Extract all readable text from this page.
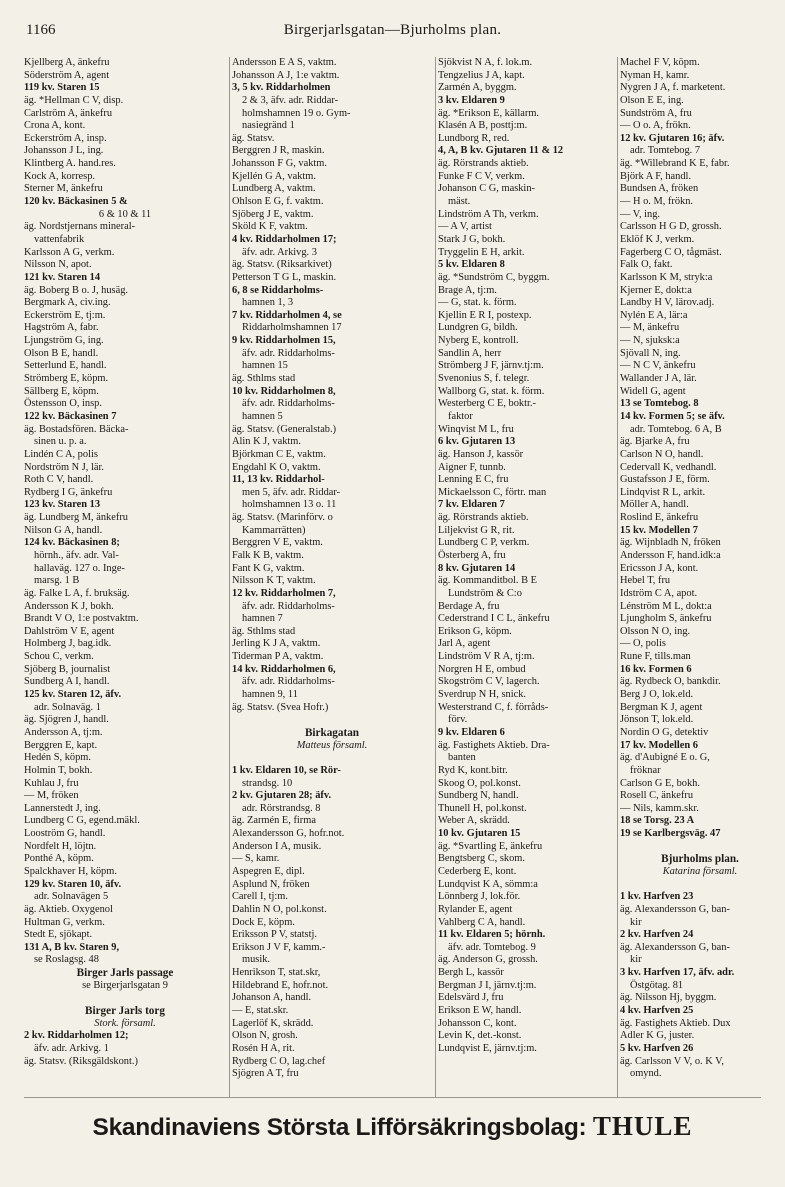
1166	Birgerjarlsgatan—Bjurholms plan.
Kjellberg A, änkefru
Söderström A, agent
119 kv. Staren 15
äg. *Hellman C V, disp.
Carlström A, änkefru
Crona A, kont.
Eckerström A, insp.
Johansson J L, ing.
Klintberg A. hand.res.
Kock A, korresp.
Sterner M, änkefru
120 kv. Bäckasinen 5 &
6 & 10 & 11
äg. Nordstjernans mineral-
vattenfabrik
Karlsson A G, verkm.
Nilsson N, apot.
121 kv. Staren 14
äg. Boberg B o. J, husäg.
Bergmark A, civ.ing.
Eckerström E, tj:m.
Hagström A, fabr.
Ljungström G, ing.
Olson B E, handl.
Setterlund E, handl.
Strömberg E, köpm.
Sällberg E, köpm.
Östensson O, insp.
122 kv. Bäckasinen 7
äg. Bostadsfören. Bäcka-
sinen u. p. a.
Lindén C A, polis
Nordström N J, lär.
Roth C V, handl.
Rydberg I G, änkefru
123 kv. Staren 13
äg. Lundberg M, änkefru
Nilson G A, handl.
124 kv. Bäckasinen 8;
hörnh., äfv. adr. Val-
hallaväg. 127 o. Inge-
marsg. 1 B
äg. Falke L A, f. bruksäg.
Andersson K J, bokh.
Brandt V O, 1:e postvaktm.
Dahlström V E, agent
Holmberg J, bag.idk.
Schou C, verkm.
Sjöberg B, journalist
Sundberg A I, handl.
125 kv. Staren 12, äfv.
adr. Solnaväg. 1
äg. Sjögren J, handl.
Andersson A, tj:m.
Berggren E, kapt.
Hedén S, köpm.
Holmin T, bokh.
Kuhlau J, fru
— M, fröken
Lannerstedt J, ing.
Lundberg C G, egend.mäkl.
Looström G, handl.
Nordfelt H, löjtn.
Ponthé A, köpm.
Spalckhaver H, köpm.
129 kv. Staren 10, äfv.
adr. Solnavägen 5
äg. Aktieb. Oxygenol
Hultman G, verkm.
Stedt E, sjökapt.
131 A, B kv. Staren 9,
se Roslagsg. 48
Birger Jarls passage
se Birgerjarlsgatan 9

Birger Jarls torg
Stork. församl.
2 kv. Riddarholmen 12;
äfv. adr. Arkivg. 1
äg. Statsv. (Riksgäldskont.)
Andersson E A S, vaktm.
Johansson A J, 1:e vaktm.
3, 5 kv. Riddarholmen
2 & 3, äfv. adr. Riddar-
holmshamnen 19 o. Gym-
nasiegränd 1
äg. Statsv.
Berggren J R, maskin.
Johansson F G, vaktm.
Kjellén G A, vaktm.
Lundberg A, vaktm.
Ohlson E G, f. vaktm.
Sjöberg J E, vaktm.
Sköld K F, vaktm.
4 kv. Riddarholmen 17;
äfv. adr. Arkivg. 3
äg. Statsv. (Riksarkivet)
Petterson T G L, maskin.
6, 8 se Riddarholms-
hamnen 1, 3
7 kv. Riddarholmen 4, se
Riddarholmshamnen 17
9 kv. Riddarholmen 15,
äfv. adr. Riddarholms-
hamnen 15
äg. Sthlms stad
10 kv. Riddarholmen 8,
äfv. adr. Riddarholms-
hamnen 5
äg. Statsv. (Generalstab.)
Alin K J, vaktm.
Björkman C E, vaktm.
Engdahl K O, vaktm.
11, 13 kv. Riddarhol-
men 5, äfv. adr. Riddar-
holmshamnen 13 o. 11
äg. Statsv. (Marinförv. o
Kammarrätten)
Berggren V E, vaktm.
Falk K B, vaktm.
Fant K G, vaktm.
Nilsson K T, vaktm.
12 kv. Riddarholmen 7,
äfv. adr. Riddarholms-
hamnen 7
äg. Sthlms stad
Jerling K J A, vaktm.
Tiderman P A, vaktm.
14 kv. Riddarholmen 6,
äfv. adr. Riddarholms-
hamnen 9, 11
äg. Statsv. (Svea Hofr.)

Birkagatan
Matteus församl.

1 kv. Eldaren 10, se Rör-
strandsg. 10
2 kv. Gjutaren 28; äfv.
adr. Rörstrandsg. 8
äg. Zarmén E, firma
Alexandersson G, hofr.not.
Anderson I A, musik.
— S, kamr.
Aspegren E, dipl.
Asplund N, fröken
Carell I, tj:m.
Dahlin N O, pol.konst.
Dock E, köpm.
Eriksson P V, statstj.
Erikson J V F, kamm.-
musik.
Henrikson T, stat.skr,
Hildebrand E, hofr.not.
Johanson A, handl.
— E, stat.skr.
Lagerlöf K, skrädd.
Olson N, grosh.
Rosén H A, rit.
Rydberg C O, lag.chef
Sjögren A T, fru
Sjökvist N A, f. lok.m.
Tengzelius J A, kapt.
Zarmén A, byggm.
3 kv. Eldaren 9
äg. *Erikson E, källarm.
Klasén A B, posttj:m.
Lundborg R, red.
4, A, B kv. Gjutaren 11 & 12
äg. Rörstrands aktieb.
Funke F C V, verkm.
Johanson C G, maskin-
mäst.
Lindström A Th, verkm.
— A V, artist
Stark J G, bokh.
Tryggelin E H, arkit.
5 kv. Eldaren 8
äg. *Sundström C, byggm.
Brage A, tj:m.
— G, stat. k. förm.
Kjellin E R I, postexp.
Lundgren G, bildh.
Nyberg E, kontroll.
Sandlin A, herr
Strömberg J F, järnv.tj:m.
Svenonius S, f. telegr.
Wallborg G, stat. k. förm.
Westerberg C E, boktr.-
faktor
Winqvist M L, fru
6 kv. Gjutaren 13
äg. Hanson J, kassör
Aigner F, tunnb.
Lenning E C, fru
Mickaelsson C, förtr. man
7 kv. Eldaren 7
äg. Rörstrands aktieb.
Liljekvist G R, rit.
Lundberg C P, verkm.
Österberg A, fru
8 kv. Gjutaren 14
äg. Kommanditbol. B E
Lundström & C:o
Berdage A, fru
Cederstrand I C L, änkefru
Erikson G, köpm.
Jarl A, agent
Lindström V R A, tj:m.
Norgren H E, ombud
Skogström C V, lagerch.
Sverdrup N H, snick.
Westerstrand C, f. förråds-
förv.
9 kv. Eldaren 6
äg. Fastighets Aktieb. Dra-
banten
Ryd K, kont.bitr.
Skoog O, pol.konst.
Sundberg N, handl.
Thunell H, pol.konst.
Weber A, skrädd.
10 kv. Gjutaren 15
äg. *Svartling E, änkefru
Bengtsberg C, skom.
Cederberg E, kont.
Lundqvist K A, sömm:a
Lönnberg J, lok.för.
Rylander E, agent
Vahlberg C A, handl.
11 kv. Eldaren 5; hörnh.
äfv. adr. Tomtebog. 9
äg. Anderson G, grossh.
Bergh L, kassör
Bergman J I, järnv.tj:m.
Edelsvärd J, fru
Erikson E W, handl.
Johansson C, kont.
Levin K, det.-konst.
Lundqvist E, järnv.tj:m.
Machel F V, köpm.
Nyman H, kamr.
Nygren J A, f. marketent.
Olson E E, ing.
Sundström A, fru
— O o. A, frökn.
12 kv. Gjutaren 16; äfv.
adr. Tomtebog. 7
äg. *Willebrand K E, fabr.
Björk A F, handl.
Bundsen A, fröken
— H o. M, frökn.
— V, ing.
Carlsson H G D, grossh.
Eklöf K J, verkm.
Fagerberg C O, tågmäst.
Falk O, fakt.
Karlsson K M, stryk:a
Kjerner E, dokt:a
Landby H V, lärov.adj.
Nylén E A, lär:a
— M, änkefru
— N, sjuksk:a
Sjövall N, ing.
— N C V, änkefru
Wallander J A, lär.
Widell G, agent
13 se Tomtebog. 8
14 kv. Formen 5; se äfv.
adr. Tomtebog. 6 A, B
äg. Bjarke A, fru
Carlson N O, handl.
Cedervall K, vedhandl.
Gustafsson J E, förm.
Lindqvist R L, arkit.
Möller A, handl.
Roslind E, änkefru
15 kv. Modellen 7
äg. Wijnbladh N, fröken
Andersson F, hand.idk:a
Ericsson J A, kont.
Hebel T, fru
Idström C A, apot.
Lénström M L, dokt:a
Ljungholm S, änkefru
Olsson N O, ing.
— O, polis
Rune F, tills.man
16 kv. Formen 6
äg. Rydbeck O, bankdir.
Berg J O, lok.eld.
Bergman K J, agent
Jönson T, lok.eld.
Nordin O G, detektiv
17 kv. Modellen 6
äg. d'Aubigné E o. G,
fröknar
Carlson G E, bokh.
Rosell C, änkefru
— Nils, kamm.skr.
18 se Torsg. 23 A
19 se Karlbergsväg. 47

Bjurholms plan.
Katarina församl.

1 kv. Harfven 23
äg. Alexandersson G, ban-
kir
2 kv. Harfven 24
äg. Alexandersson G, ban-
kir
3 kv. Harfven 17, äfv. adr.
Östgötag. 81
äg. Nilsson Hj, byggm.
4 kv. Harfven 25
äg. Fastighets Aktieb. Dux
Adler K G, juster.
5 kv. Harfven 26
äg. Carlsson V V, o. K V,
omynd.
Skandinaviens Största Lifförsäkringsbolag: THULE
